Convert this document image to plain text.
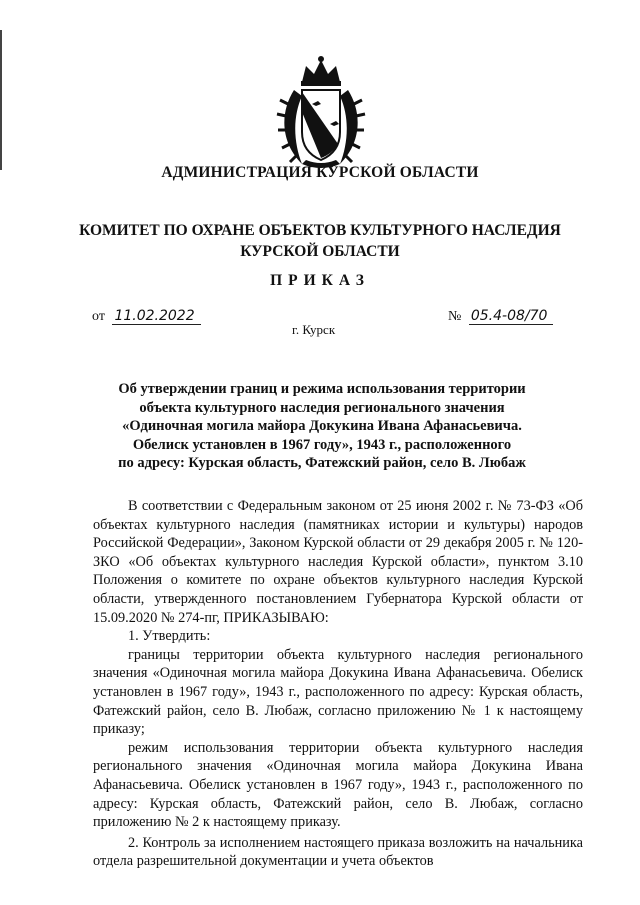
АДМИНИСТРАЦИЯ КУРСКОЙ ОБЛАСТИ
КОМИТЕТ ПО ОХРАНЕ ОБЪЕКТОВ КУЛЬТУРНОГО НАСЛЕДИЯ
КУРСКОЙ ОБЛАСТИ
ПРИКАЗ
от 11.02.2022	№ 05.4-08/70
г. Курск
Об утверждении границ и режима использования территории
объекта культурного наследия регионального значения
«Одиночная могила майора Докукина Ивана Афанасьевича.
Обелиск установлен в 1967 году», 1943 г., расположенного
по адресу: Курская область, Фатежский район, село В. Любаж

В соответствии с Федеральным законом от 25 июня 2002 г. № 73-ФЗ «Об объектах культурного наследия (памятниках истории и культуры) народов Российской Федерации», Законом Курской области от 29 декабря 2005 г. № 120-ЗКО «Об объектах культурного наследия Курской области», пунктом 3.10 Положения о комитете по охране объектов культурного наследия Курской области, утвержденного постановлением Губернатора Курской области от 15.09.2020 № 274-пг, ПРИКАЗЫВАЮ:

1. Утвердить:

границы территории объекта культурного наследия регионального значения «Одиночная могила майора Докукина Ивана Афанасьевича. Обелиск установлен в 1967 году», 1943 г., расположенного по адресу: Курская область, Фатежский район, село В. Любаж, согласно приложению № 1 к настоящему приказу;

режим использования территории объекта культурного наследия регионального значения «Одиночная могила майора Докукина Ивана Афанасьевича. Обелиск установлен в 1967 году», 1943 г., расположенного по адресу: Курская область, Фатежский район, село В. Любаж, согласно приложению № 2 к настоящему приказу.

2. Контроль за исполнением настоящего приказа возложить на начальника отдела разрешительной документации и учета объектов
